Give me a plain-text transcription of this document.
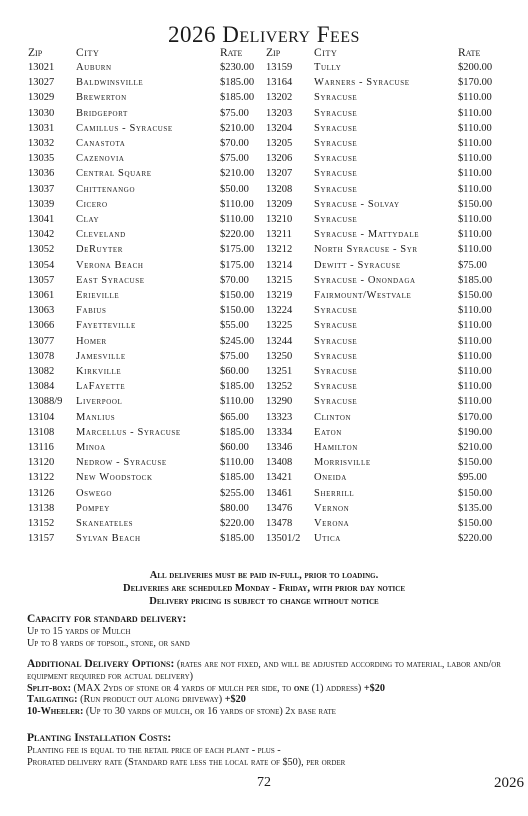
2026 Delivery Fees
Zip	City	Rate	Zip	City	Rate
13021	Auburn	$230.00	13159	Tully	$200.00
13027	Baldwinsville	$185.00	13164	Warners - Syracuse	$170.00
13029	Brewerton	$185.00	13202	Syracuse	$110.00
13030	Bridgeport	$75.00	13203	Syracuse	$110.00
13031	Camillus - Syracuse	$210.00	13204	Syracuse	$110.00
13032	Canastota	$70.00	13205	Syracuse	$110.00
13035	Cazenovia	$75.00	13206	Syracuse	$110.00
13036	Central Square	$210.00	13207	Syracuse	$110.00
13037	Chittenango	$50.00	13208	Syracuse	$110.00
13039	Cicero	$110.00	13209	Syracuse - Solvay	$150.00
13041	Clay	$110.00	13210	Syracuse	$110.00
13042	Cleveland	$220.00	13211	Syracuse - Mattydale	$110.00
13052	DeRuyter	$175.00	13212	North Syracuse - Syr	$110.00
13054	Verona Beach	$175.00	13214	Dewitt - Syracuse	$75.00
13057	East Syracuse	$70.00	13215	Syracuse - Onondaga	$185.00
13061	Erieville	$150.00	13219	Fairmount/Westvale	$150.00
13063	Fabius	$150.00	13224	Syracuse	$110.00
13066	Fayetteville	$55.00	13225	Syracuse	$110.00
13077	Homer	$245.00	13244	Syracuse	$110.00
13078	Jamesville	$75.00	13250	Syracuse	$110.00
13082	Kirkville	$60.00	13251	Syracuse	$110.00
13084	LaFayette	$185.00	13252	Syracuse	$110.00
13088/9	Liverpool	$110.00	13290	Syracuse	$110.00
13104	Manlius	$65.00	13323	Clinton	$170.00
13108	Marcellus - Syracuse	$185.00	13334	Eaton	$190.00
13116	Minoa	$60.00	13346	Hamilton	$210.00
13120	Nedrow - Syracuse	$110.00	13408	Morrisville	$150.00
13122	New Woodstock	$185.00	13421	Oneida	$95.00
13126	Oswego	$255.00	13461	Sherrill	$150.00
13138	Pompey	$80.00	13476	Vernon	$135.00
13152	Skaneateles	$220.00	13478	Verona	$150.00
13157	Sylvan Beach	$185.00	13501/2	Utica	$220.00
All deliveries must be paid in-full, prior to loading.
Deliveries are scheduled Monday - Friday, with prior day notice
Delivery pricing is subject to change without notice
Capacity for standard delivery:
Up to 15 yards of Mulch
Up to 8 yards of topsoil, stone, or sand
Additional Delivery Options: (rates are not fixed, and will be adjusted according to material, labor and/or equipment required for actual delivery)
Split-box: (MAX 2yds of stone or 4 yards of mulch per side, to one (1) address) +$20
Tailgating: (Run product out along driveway) +$20
10-Wheeler: (Up to 30 yards of mulch, or 16 yards of stone) 2x base rate
Planting Installation Costs:
Planting fee is equal to the retail price of each plant - plus -
Prorated delivery rate (Standard rate less the local rate of $50), per order
72	2026
